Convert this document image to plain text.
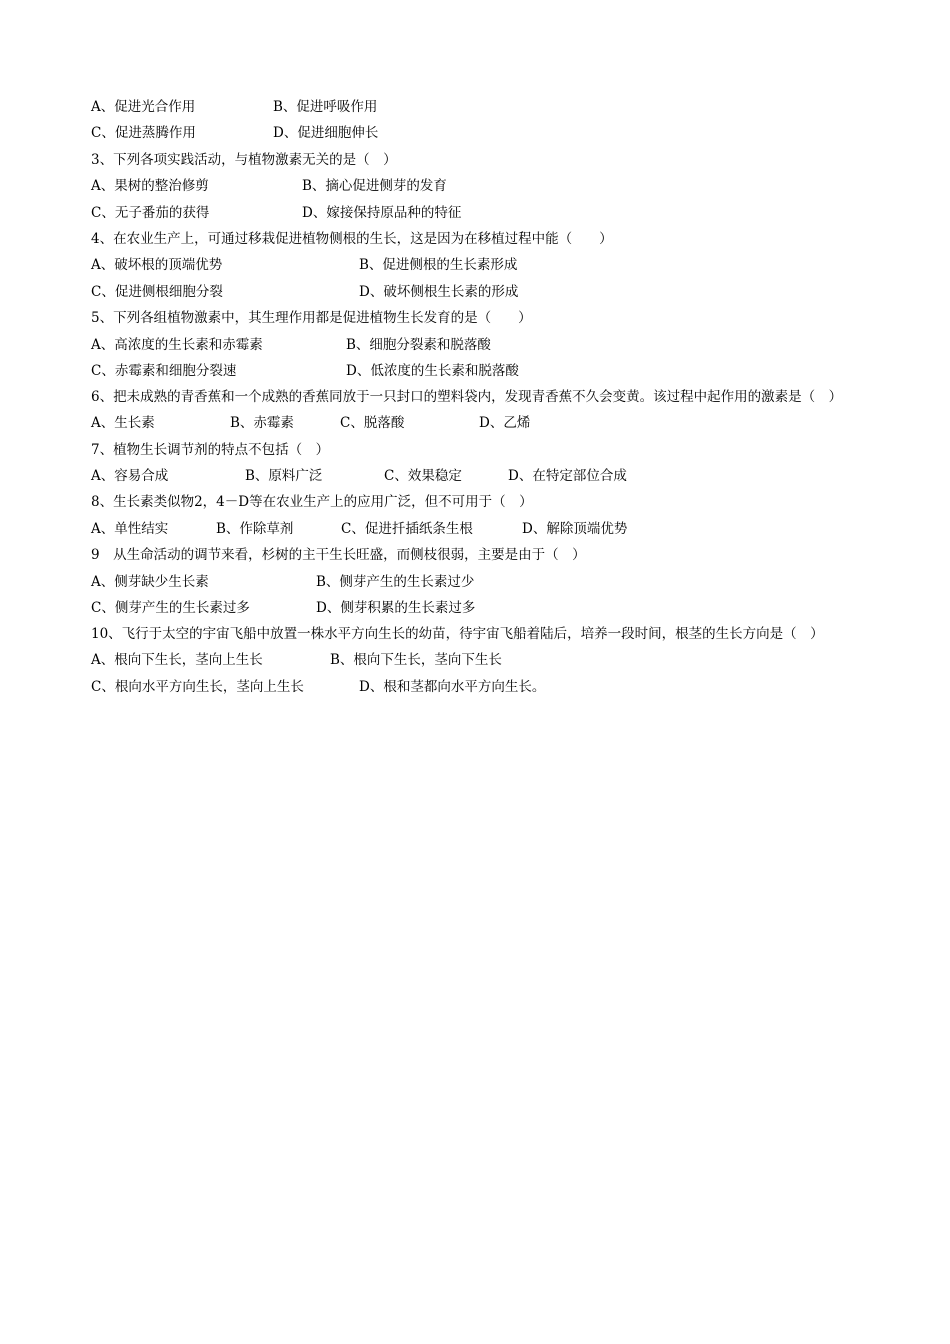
A、促进光合作用	B、促进呼吸作用
C、促进蒸腾作用	D、促进细胞伸长
3、下列各项实践活动，与植物激素无关的是（　）
A、果树的整治修剪	B、摘心促进侧芽的发育
C、无子番茄的获得	D、嫁接保持原品种的特征
4、在农业生产上，可通过移栽促进植物侧根的生长，这是因为在移植过程中能（　　）
A、破坏根的顶端优势	B、促进侧根的生长素形成
C、促进侧根细胞分裂	D、破坏侧根生长素的形成
5、下列各组植物激素中，其生理作用都是促进植物生长发育的是（　　）
A、高浓度的生长素和赤霉素	B、细胞分裂素和脱落酸
C、赤霉素和细胞分裂速	D、低浓度的生长素和脱落酸
6、把未成熟的青香蕉和一个成熟的香蕉同放于一只封口的塑料袋内，发现青香蕉不久会变黄。该过程中起作用的激素是（　）
A、生长素	B、赤霉素	C、脱落酸	D、乙烯
7、植物生长调节剂的特点不包括（　）
A、容易合成	B、原料广泛	C、效果稳定	D、在特定部位合成
8、生长素类似物2，4－D等在农业生产上的应用广泛，但不可用于（　）
A、单性结实	B、作除草剂	C、促进扦插纸条生根	D、解除顶端优势
9　从生命活动的调节来看，杉树的主干生长旺盛，而侧枝很弱，主要是由于（　）
A、侧芽缺少生长素	B、侧芽产生的生长素过少
C、侧芽产生的生长素过多	D、侧芽积累的生长素过多
10、飞行于太空的宇宙飞船中放置一株水平方向生长的幼苗，待宇宙飞船着陆后，培养一段时间，根茎的生长方向是（　）
A、根向下生长，茎向上生长	B、根向下生长，茎向下生长
C、根向水平方向生长，茎向上生长	D、根和茎都向水平方向生长。
